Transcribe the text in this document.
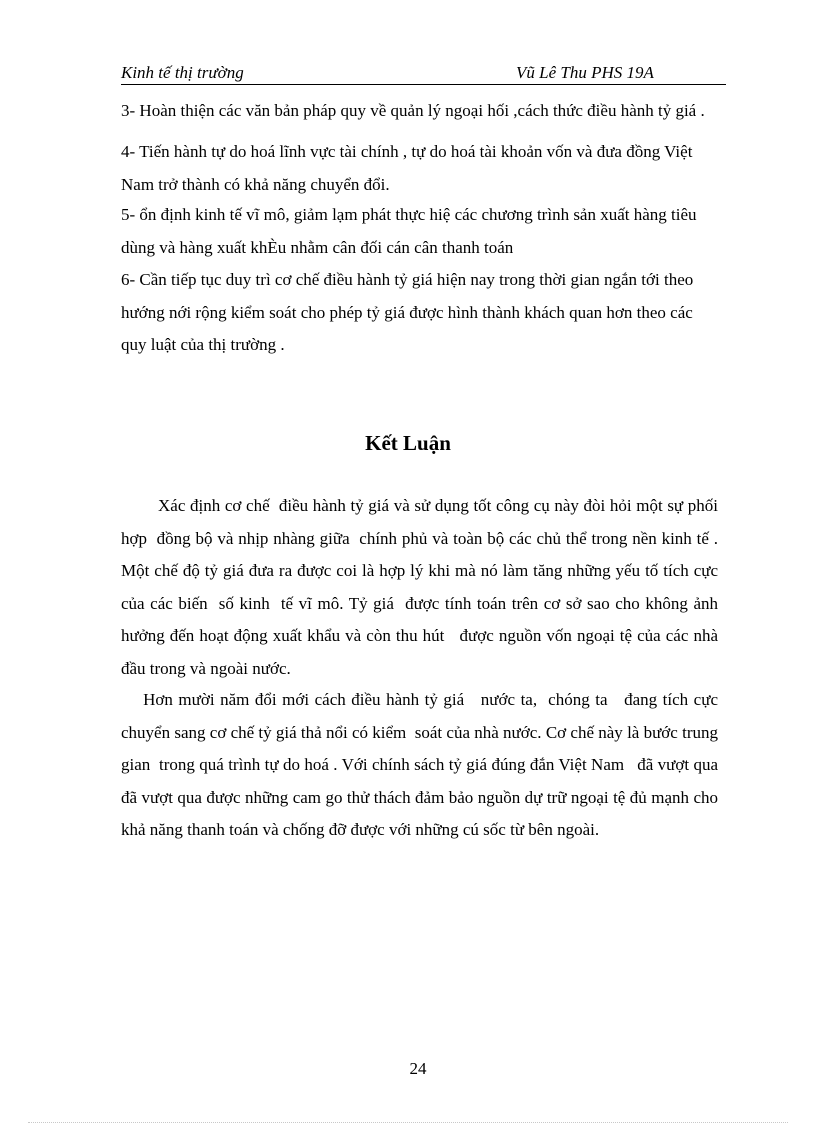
Kinh tế thị trường	Vũ Lê Thu PHS 19A

3- Hoàn thiện các văn bản pháp quy về quản lý ngoại hối ,cách thức điều hành tỷ giá .

4- Tiến hành tự do hoá lĩnh vực tài chính , tự do hoá tài khoản vốn và đưa đồng Việt Nam trở thành có khả năng chuyển đổi.

5- ổn định kinh tế vĩ mô, giảm lạm phát thực hiệ các chương trình sản xuất hàng tiêu dùng và hàng xuất khÈu nhằm cân đối cán cân thanh toán

6- Cần tiếp tục duy trì cơ chế điều hành tỷ giá hiện nay trong thời gian ngắn tới theo hướng nới rộng kiểm soát cho phép tỷ giá được hình thành khách quan hơn theo các quy luật của thị trường .

Kết Luận

Xác định cơ chế  điều hành tỷ giá và sử dụng tốt công cụ này đòi hỏi một sự phối hợp  đồng bộ và nhịp nhàng giữa  chính phủ và toàn bộ các chủ thể trong nền kinh tế . Một chế độ tỷ giá đưa ra được coi là hợp lý khi mà nó làm tăng những yếu tố tích cực của các biến  số kinh  tế vĩ mô. Tỷ giá  được tính toán trên cơ sở sao cho không ảnh hưởng đến hoạt động xuất khẩu và còn thu hút   được nguồn vốn ngoại tệ của các nhà đầu trong và ngoài nước.

Hơn mười năm đổi mới cách điều hành tỷ giá   nước ta,  chóng ta   đang tích cực chuyển sang cơ chế tỷ giá thả nổi có kiểm  soát của nhà nước. Cơ chế này là bước trung gian  trong quá trình tự do hoá . Với chính sách tỷ giá đúng đắn Việt Nam   đã vượt qua đã vượt qua được những cam go thử thách đảm bảo nguồn dự trữ ngoại tệ đủ mạnh cho khả năng thanh toán và chống đỡ được với những cú sốc từ bên ngoài.

24
